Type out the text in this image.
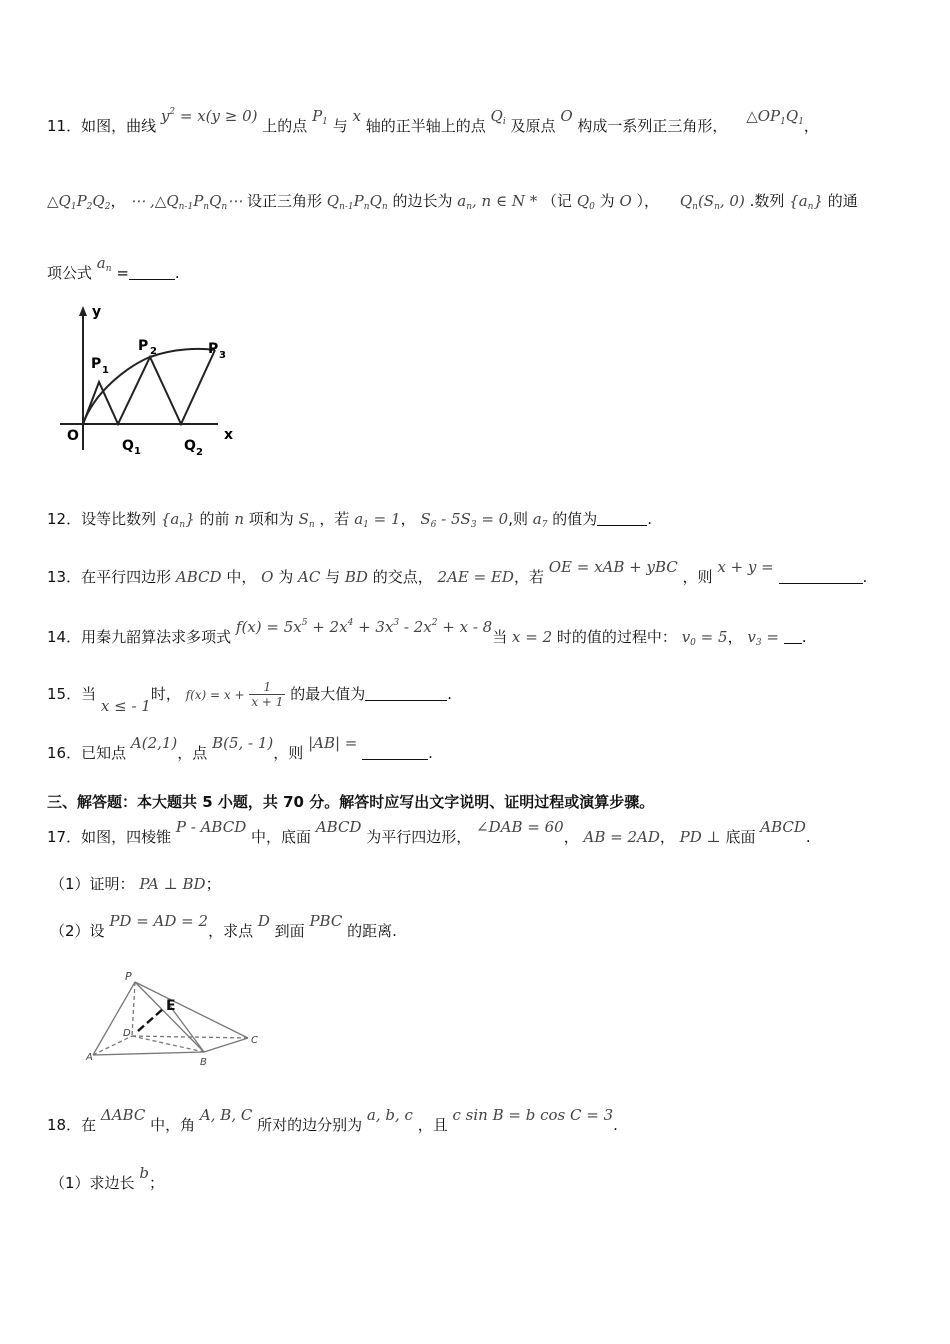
11．如图，曲线 $y^2 = x(y \ge 0)$ 上的点 $P_1$ 与 x 轴的正半轴上的点 $Q_i$ 及原点 O 构成一系列正三角形， $\triangle OP_1Q_1$，
$\triangle Q_1P_2Q_2$， ⋯ $,\triangle Q_{n-1}P_nQ_n\cdots$ 设正三角形 $Q_{n-1}P_nQ_n$ 的边长为 $a_n$, n ∈ N * （记 $Q_0$ 为 O ）， $Q_n(S_n$, 0) .数列 $\{a_n\}$ 的通
项公式 $a_n$ =	.
y
x
O
P 1
P 2	P 3
Q 1	Q 2
12．设等比数列 $\{a_n\}$ 的前 n 项和为 $S_n$ ，若 $a_1 = 1$， $S_6 - 5S_3 = 0$,则 $a_7$ 的值为	.
13．在平行四边形 ABCD 中， O 为 AC 与 BD 的交点， 2AE = ED，若 OE = xAB + yBC ，则 x + y = .
14．用秦九韶算法求多项式 $f(x) = 5x^5 + 2x^4 + 3x^3 - 2x^2 + x - 8$当 x = 2 时的值的过程中： $v_0 = 5$， $v_3$ = .
15．当 x ≤ - 1时， $f(x) = x + \frac{1}{x + 1}$ 的最大值为	.
16．已知点 A(2,1)，点 B(5, - 1)，则 |AB| = .
三、解答题：本大题共 5 小题，共 70 分。解答时应写出文字说明、证明过程或演算步骤。
17．如图，四棱锥 P - ABCD 中，底面 ABCD 为平行四边形， ∠DAB = 60， AB = 2AD， PD ⊥ 底面 ABCD.
（1）证明： PA ⊥ BD；
（2）设 PD = AD = 2，求点 D 到面 PBC 的距离.
P
E
D
C
A	B
18．在 ΔABC 中，角 A, B, C 所对的边分别为 a, b, c ，且 c sin B = b cos C = 3.
（1）求边长 b；
